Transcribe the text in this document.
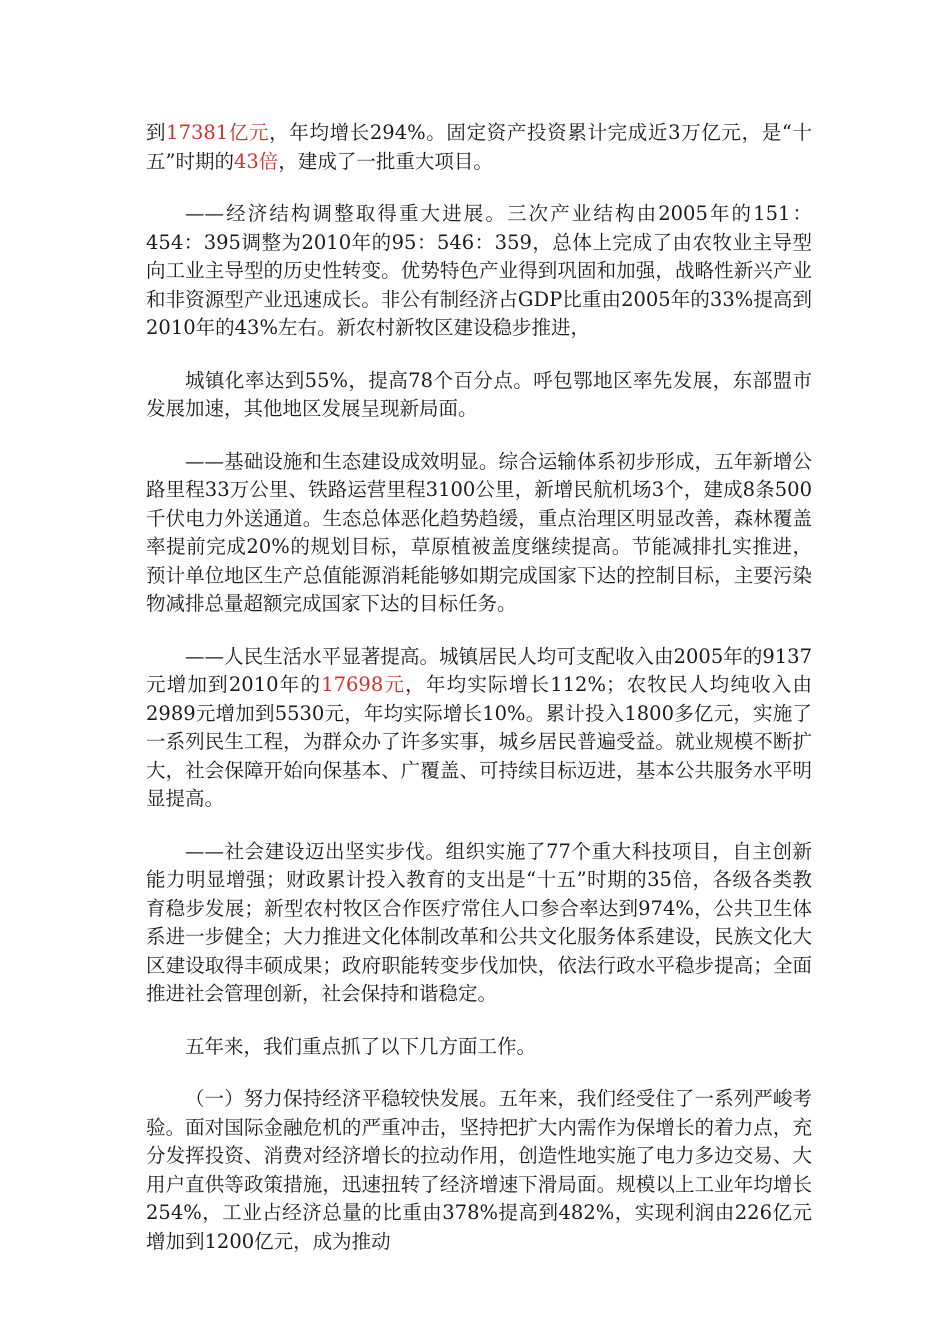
到17381亿元，年均增长294%。固定资产投资累计完成近3万亿元，是“十五”时期的43倍，建成了一批重大项目。

——经济结构调整取得重大进展。三次产业结构由2005年的151：454：395调整为2010年的95：546：359，总体上完成了由农牧业主导型向工业主导型的历史性转变。优势特色产业得到巩固和加强，战略性新兴产业和非资源型产业迅速成长。非公有制经济占GDP比重由2005年的33%提高到2010年的43%左右。新农村新牧区建设稳步推进，

城镇化率达到55%，提高78个百分点。呼包鄂地区率先发展，东部盟市发展加速，其他地区发展呈现新局面。

——基础设施和生态建设成效明显。综合运输体系初步形成，五年新增公路里程33万公里、铁路运营里程3100公里，新增民航机场3个，建成8条500千伏电力外送通道。生态总体恶化趋势趋缓，重点治理区明显改善，森林覆盖率提前完成20%的规划目标，草原植被盖度继续提高。节能减排扎实推进，预计单位地区生产总值能源消耗能够如期完成国家下达的控制目标，主要污染物减排总量超额完成国家下达的目标任务。

——人民生活水平显著提高。城镇居民人均可支配收入由2005年的9137元增加到2010年的17698元，年均实际增长112%；农牧民人均纯收入由2989元增加到5530元，年均实际增长10%。累计投入1800多亿元，实施了一系列民生工程，为群众办了许多实事，城乡居民普遍受益。就业规模不断扩大，社会保障开始向保基本、广覆盖、可持续目标迈进，基本公共服务水平明显提高。

——社会建设迈出坚实步伐。组织实施了77个重大科技项目，自主创新能力明显增强；财政累计投入教育的支出是“十五”时期的35倍，各级各类教育稳步发展；新型农村牧区合作医疗常住人口参合率达到974%，公共卫生体系进一步健全；大力推进文化体制改革和公共文化服务体系建设，民族文化大区建设取得丰硕成果；政府职能转变步伐加快，依法行政水平稳步提高；全面推进社会管理创新，社会保持和谐稳定。

五年来，我们重点抓了以下几方面工作。

（一）努力保持经济平稳较快发展。五年来，我们经受住了一系列严峻考验。面对国际金融危机的严重冲击，坚持把扩大内需作为保增长的着力点，充分发挥投资、消费对经济增长的拉动作用，创造性地实施了电力多边交易、大用户直供等政策措施，迅速扭转了经济增速下滑局面。规模以上工业年均增长254%，工业占经济总量的比重由378%提高到482%，实现利润由226亿元增加到1200亿元，成为推动
